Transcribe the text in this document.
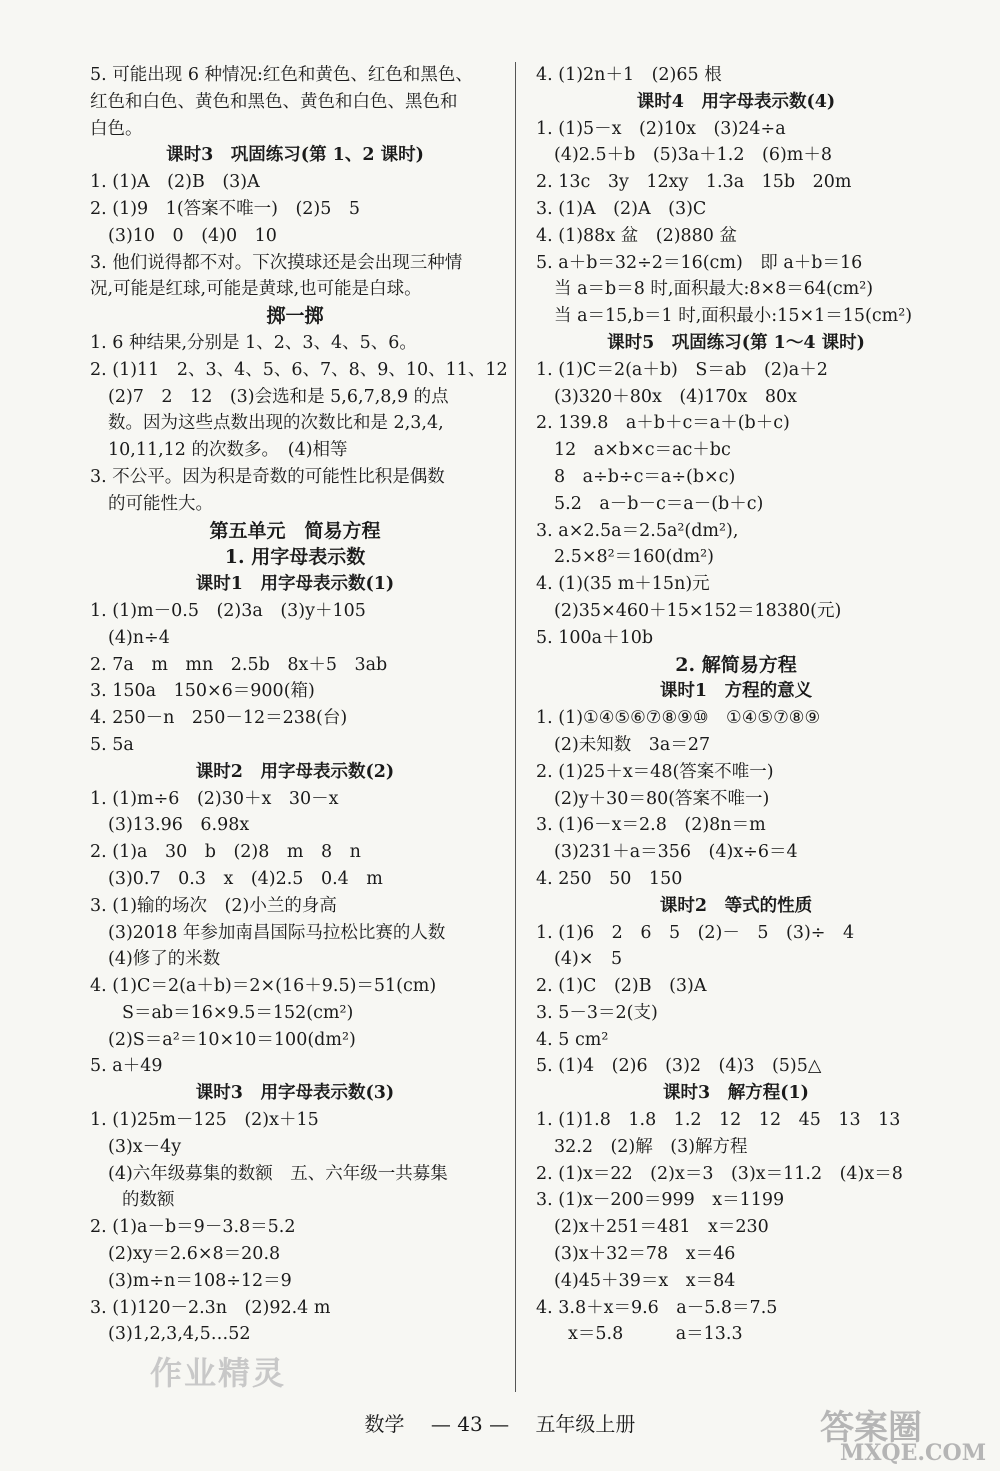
5. 可能出现 6 种情况:红色和黄色、红色和黑色、
红色和白色、黄色和黑色、黄色和白色、黑色和
白色。
课时3　巩固练习(第 1、2 课时)
1. (1)A　(2)B　(3)A
2. (1)9　1(答案不唯一)　(2)5　5
(3)10　0　(4)0　10
3. 他们说得都不对。下次摸球还是会出现三种情
况,可能是红球,可能是黄球,也可能是白球。
掷一掷
1. 6 种结果,分别是 1、2、3、4、5、6。
2. (1)11　2、3、4、5、6、7、8、9、10、11、12
(2)7　2　12　(3)会选和是 5,6,7,8,9 的点
数。因为这些点数出现的次数比和是 2,3,4,
10,11,12 的次数多。　(4)相等
3. 不公平。因为积是奇数的可能性比积是偶数
的可能性大。
第五单元　简易方程
1. 用字母表示数
课时1　用字母表示数(1)
1. (1)m－0.5　(2)3a　(3)y＋105
(4)n÷4
2. 7a　m　mn　2.5b　8x＋5　3ab
3. 150a　150×6＝900(箱)
4. 250－n　250－12＝238(台)
5. 5a
课时2　用字母表示数(2)
1. (1)m÷6　(2)30＋x　30－x
(3)13.96　6.98x
2. (1)a　30　b　(2)8　m　8　n
(3)0.7　0.3　x　(4)2.5　0.4　m
3. (1)输的场次　(2)小兰的身高
(3)2018 年参加南昌国际马拉松比赛的人数
(4)修了的米数
4. (1)C＝2(a＋b)＝2×(16＋9.5)＝51(cm)
S＝ab＝16×9.5＝152(cm²)
(2)S＝a²＝10×10＝100(dm²)
5. a＋49
课时3　用字母表示数(3)
1. (1)25m－125　(2)x＋15
(3)x－4y
(4)六年级募集的数额　五、六年级一共募集
的数额
2. (1)a－b＝9－3.8＝5.2
(2)xy＝2.6×8＝20.8
(3)m÷n＝108÷12＝9
3. (1)120－2.3n　(2)92.4 m
(3)1,2,3,4,5…52
4. (1)2n＋1　(2)65 根
课时4　用字母表示数(4)
1. (1)5－x　(2)10x　(3)24÷a
(4)2.5＋b　(5)3a＋1.2　(6)m＋8
2. 13c　3y　12xy　1.3a　15b　20m
3. (1)A　(2)A　(3)C
4. (1)88x 盆　(2)880 盆
5. a＋b＝32÷2＝16(cm)　即 a＋b＝16
当 a＝b＝8 时,面积最大:8×8＝64(cm²)
当 a＝15,b＝1 时,面积最小:15×1＝15(cm²)
课时5　巩固练习(第 1～4 课时)
1. (1)C＝2(a＋b)　S＝ab　(2)a＋2
(3)320＋80x　(4)170x　80x
2. 139.8　a＋b＋c＝a＋(b＋c)
12　a×b×c＝ac＋bc
8　a÷b÷c＝a÷(b×c)
5.2　a－b－c＝a－(b＋c)
3. a×2.5a＝2.5a²(dm²),
2.5×8²＝160(dm²)
4. (1)(35 m＋15n)元
(2)35×460＋15×152＝18380(元)
5. 100a＋10b
2. 解简易方程
课时1　方程的意义
1. (1)①④⑤⑥⑦⑧⑨⑩　①④⑤⑦⑧⑨
(2)未知数　3a＝27
2. (1)25＋x＝48(答案不唯一)
(2)y＋30＝80(答案不唯一)
3. (1)6－x＝2.8　(2)8n＝m
(3)231＋a＝356　(4)x÷6＝4
4. 250　50　150
课时2　等式的性质
1. (1)6　2　6　5　(2)－　5　(3)÷　4
(4)×　5
2. (1)C　(2)B　(3)A
3. 5－3＝2(支)
4. 5 cm²
5. (1)4　(2)6　(3)2　(4)3　(5)5△
课时3　解方程(1)
1. (1)1.8　1.8　1.2　12　12　45　13　13
32.2　(2)解　(3)解方程
2. (1)x＝22　(2)x＝3　(3)x＝11.2　(4)x＝8
3. (1)x－200＝999　x＝1199
(2)x＋251＝481　x＝230
(3)x＋32＝78　x＝46
(4)45＋39＝x　x＝84
4. 3.8＋x＝9.6　a－5.8＝7.5
x＝5.8　　　a＝13.3
作业精灵
数学 — 43 — 五年级上册	答案圈
MXQE.COM
